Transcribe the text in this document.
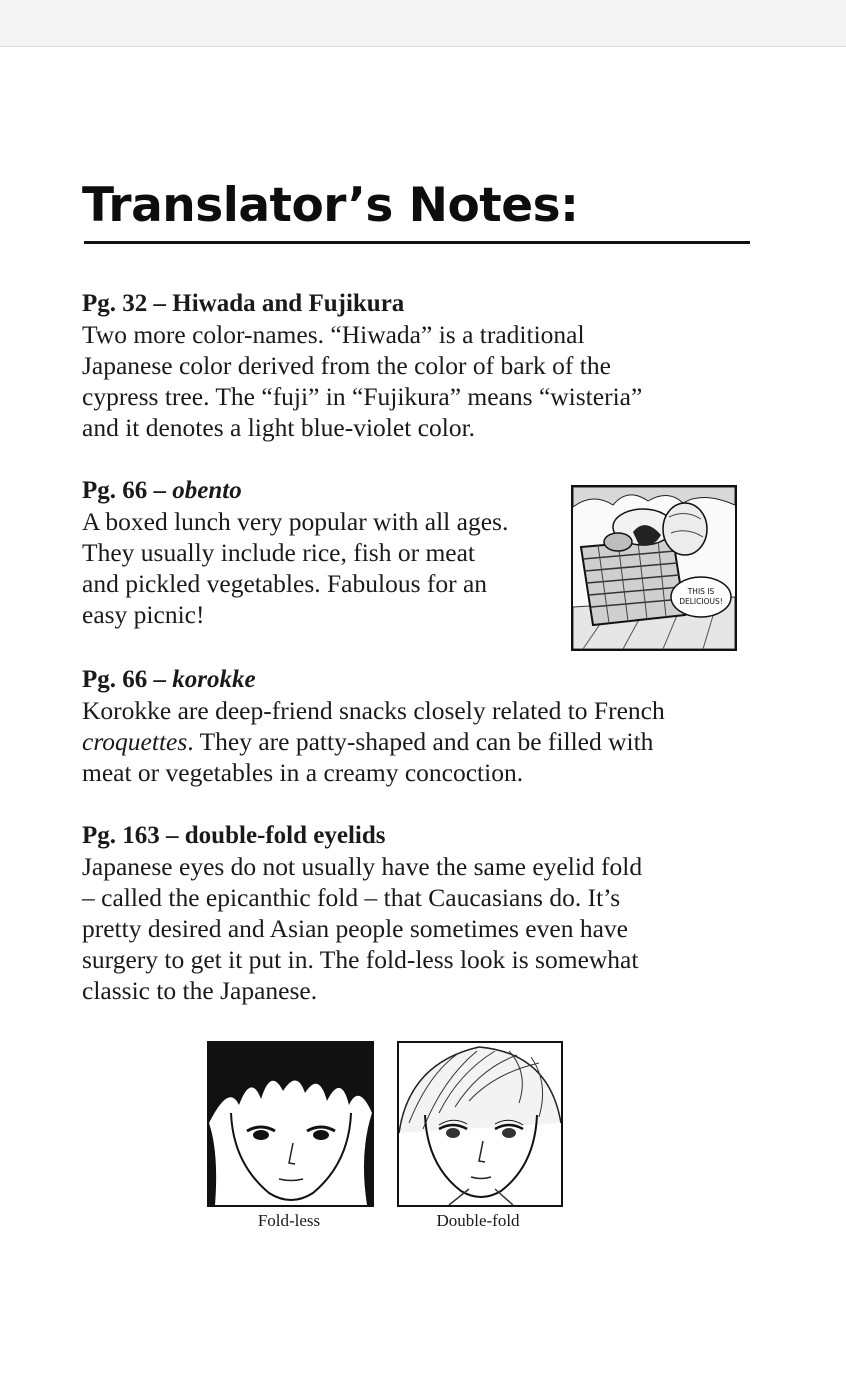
Translator’s Notes:
Pg. 32 – Hiwada and Fujikura

Two more color-names. “Hiwada” is a traditional

Japanese color derived from the color of bark of the

cypress tree. The “fuji” in “Fujikura” means “wisteria”

and it denotes a light blue-violet color.

Pg. 66 – obento

A boxed lunch very popular with all ages.

They usually include rice, fish or meat

and pickled vegetables. Fabulous for an

easy picnic!

THIS IS
DELICIOUS!
Pg. 66 – korokke

Korokke are deep-friend snacks closely related to French

croquettes. They are patty-shaped and can be filled with

meat or vegetables in a creamy concoction.

Pg. 163 – double-fold eyelids

Japanese eyes do not usually have the same eyelid fold

– called the epicanthic fold – that Caucasians do. It’s

pretty desired and Asian people sometimes even have

surgery to get it put in. The fold-less look is somewhat

classic to the Japanese.

Fold-less	Double-fold
